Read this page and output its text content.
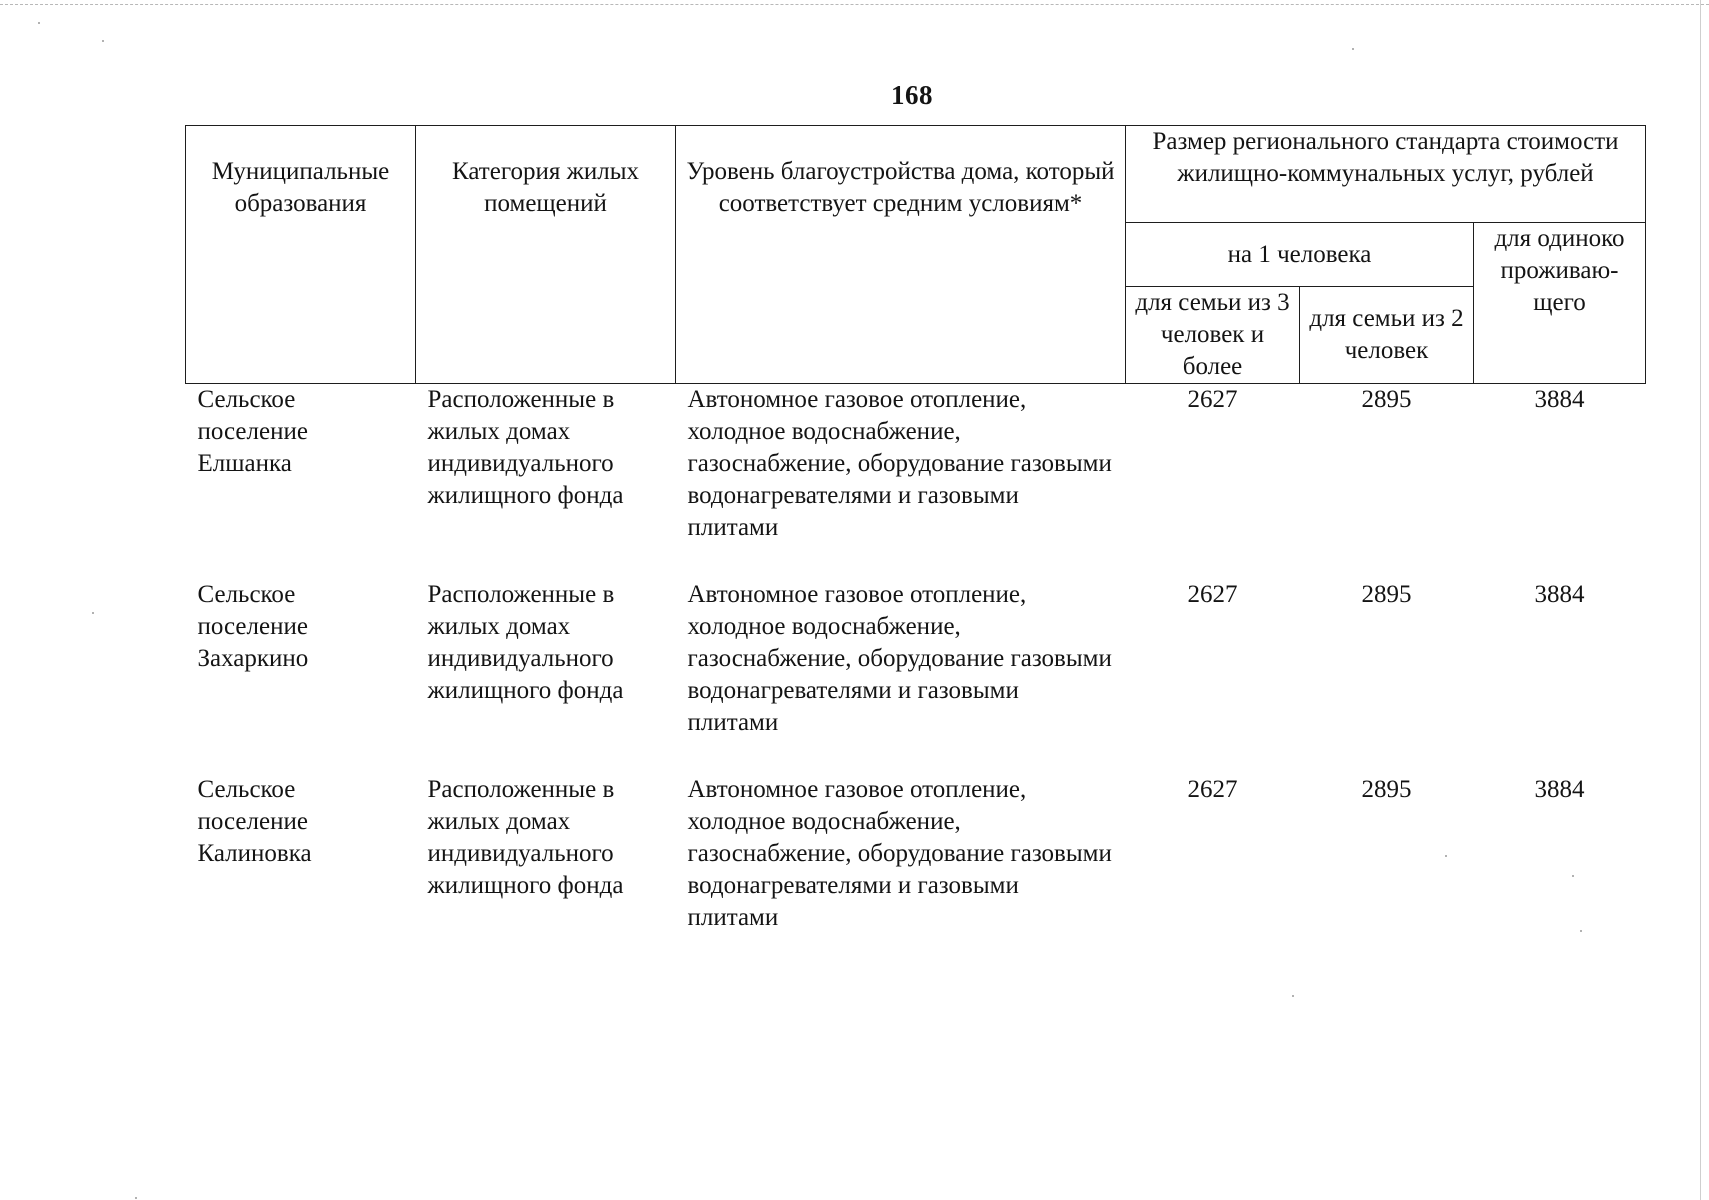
168
Муниципальные образования	Категория жилых помещений	Уровень благоустройства дома, который соответствует средним условиям*	Размер регионального стандарта стоимости жилищно-коммунальных услуг, рублей		
			на 1 человека		для одиноко проживаю-щего
			для семьи из 3 человек и более	для семьи из 2 человек	
Сельское поселение Елшанка	Расположенные в жилых домах индивидуального жилищного фонда	Автономное газовое отопление, холодное водоснабжение, газоснабжение, оборудование газовыми водонагревателями и газовыми плитами	2627	2895	3884
Сельское поселение Захаркино	Расположенные в жилых домах индивидуального жилищного фонда	Автономное газовое отопление, холодное водоснабжение, газоснабжение, оборудование газовыми водонагревателями и газовыми плитами	2627	2895	3884
Сельское поселение Калиновка	Расположенные в жилых домах индивидуального жилищного фонда	Автономное газовое отопление, холодное водоснабжение, газоснабжение, оборудование газовыми водонагревателями и газовыми плитами	2627	2895	3884
